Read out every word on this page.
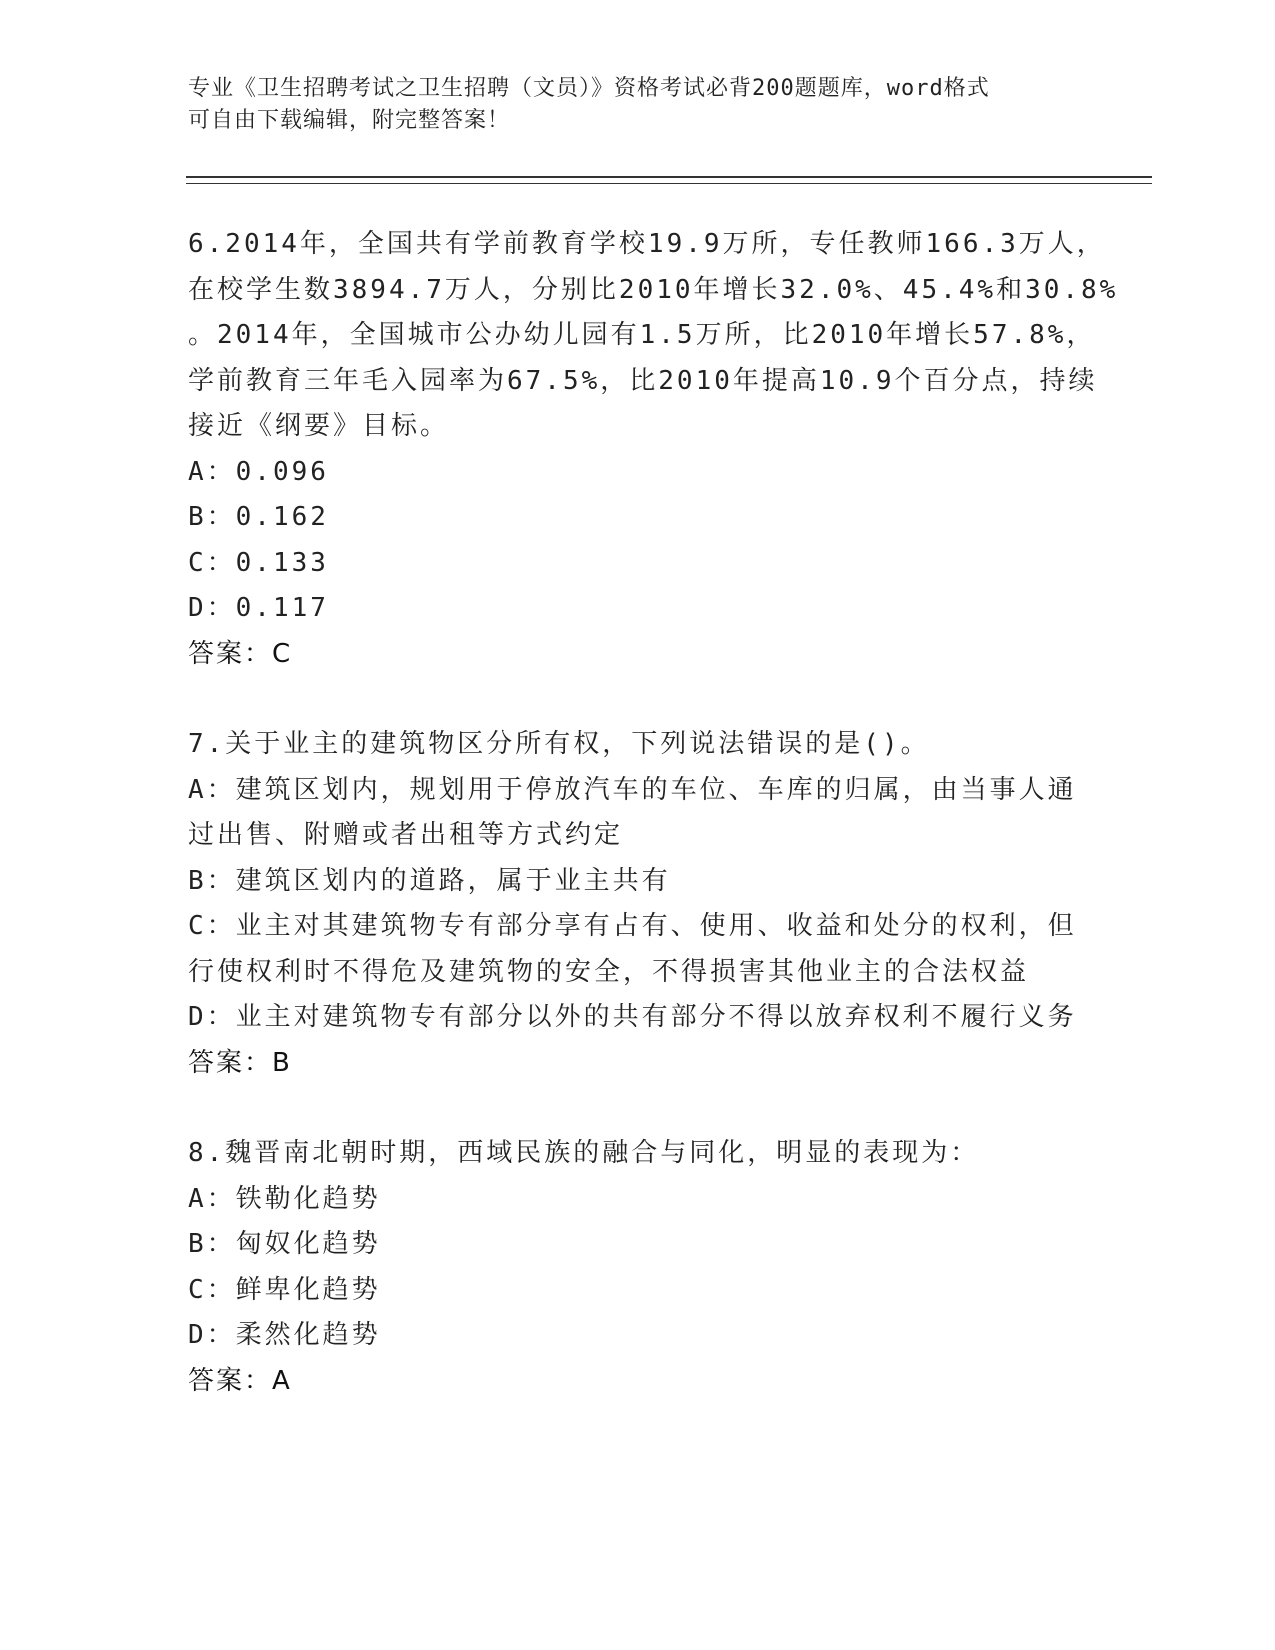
专业《卫生招聘考试之卫生招聘（文员）》资格考试必背200题题库，word格式
可自由下载编辑，附完整答案！
6.2014年，全国共有学前教育学校19.9万所，专任教师166.3万人，
在校学生数3894.7万人，分别比2010年增长32.0%、45.4%和30.8%
。2014年，全国城市公办幼儿园有1.5万所，比2010年增长57.8%，
学前教育三年毛入园率为67.5%，比2010年提高10.9个百分点，持续
接近《纲要》目标。
A：0.096
B：0.162
C：0.133
D：0.117
答案：C
7.关于业主的建筑物区分所有权，下列说法错误的是()。
A：建筑区划内，规划用于停放汽车的车位、车库的归属，由当事人通
过出售、附赠或者出租等方式约定
B：建筑区划内的道路，属于业主共有
C：业主对其建筑物专有部分享有占有、使用、收益和处分的权利，但
行使权利时不得危及建筑物的安全，不得损害其他业主的合法权益
D：业主对建筑物专有部分以外的共有部分不得以放弃权利不履行义务
答案：B
8.魏晋南北朝时期，西域民族的融合与同化，明显的表现为：
A：铁勒化趋势
B：匈奴化趋势
C：鲜卑化趋势
D：柔然化趋势
答案：A
